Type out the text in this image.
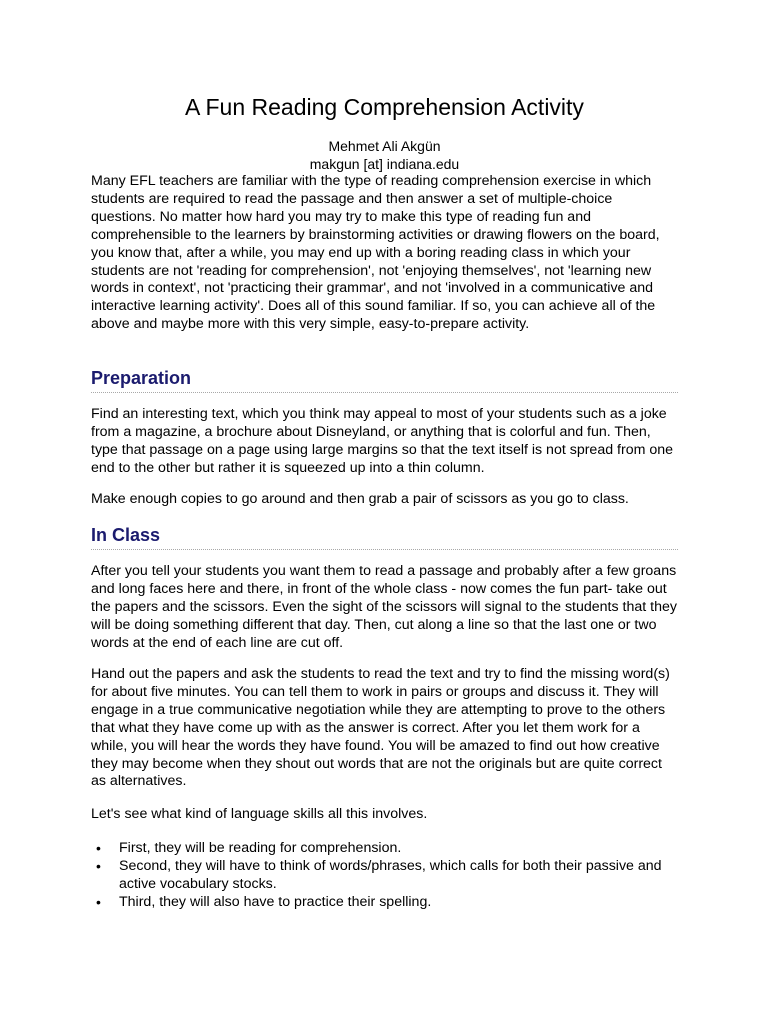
A Fun Reading Comprehension Activity
Mehmet Ali Akgün
makgun [at] indiana.edu

Many EFL teachers are familiar with the type of reading comprehension exercise in which students are required to read the passage and then answer a set of multiple-choice questions. No matter how hard you may try to make this type of reading fun and comprehensible to the learners by brainstorming activities or drawing flowers on the board, you know that, after a while, you may end up with a boring reading class in which your students are not 'reading for comprehension', not 'enjoying themselves', not 'learning new words in context', not 'practicing their grammar', and not 'involved in a communicative and interactive learning activity'. Does all of this sound familiar. If so, you can achieve all of the above and maybe more with this very simple, easy-to-prepare activity.

Preparation

Find an interesting text, which you think may appeal to most of your students such as a joke from a magazine, a brochure about Disneyland, or anything that is colorful and fun. Then, type that passage on a page using large margins so that the text itself is not spread from one end to the other but rather it is squeezed up into a thin column.

Make enough copies to go around and then grab a pair of scissors as you go to class.

In Class

After you tell your students you want them to read a passage and probably after a few groans and long faces here and there, in front of the whole class - now comes the fun part- take out the papers and the scissors. Even the sight of the scissors will signal to the students that they will be doing something different that day. Then, cut along a line so that the last one or two words at the end of each line are cut off.

Hand out the papers and ask the students to read the text and try to find the missing word(s) for about five minutes. You can tell them to work in pairs or groups and discuss it. They will engage in a true communicative negotiation while they are attempting to prove to the others that what they have come up with as the answer is correct. After you let them work for a while, you will hear the words they have found. You will be amazed to find out how creative they may become when they shout out words that are not the originals but are quite correct as alternatives.

Let's see what kind of language skills all this involves.

• First, they will be reading for comprehension.
• Second, they will have to think of words/phrases, which calls for both their passive and active vocabulary stocks.
• Third, they will also have to practice their spelling.
